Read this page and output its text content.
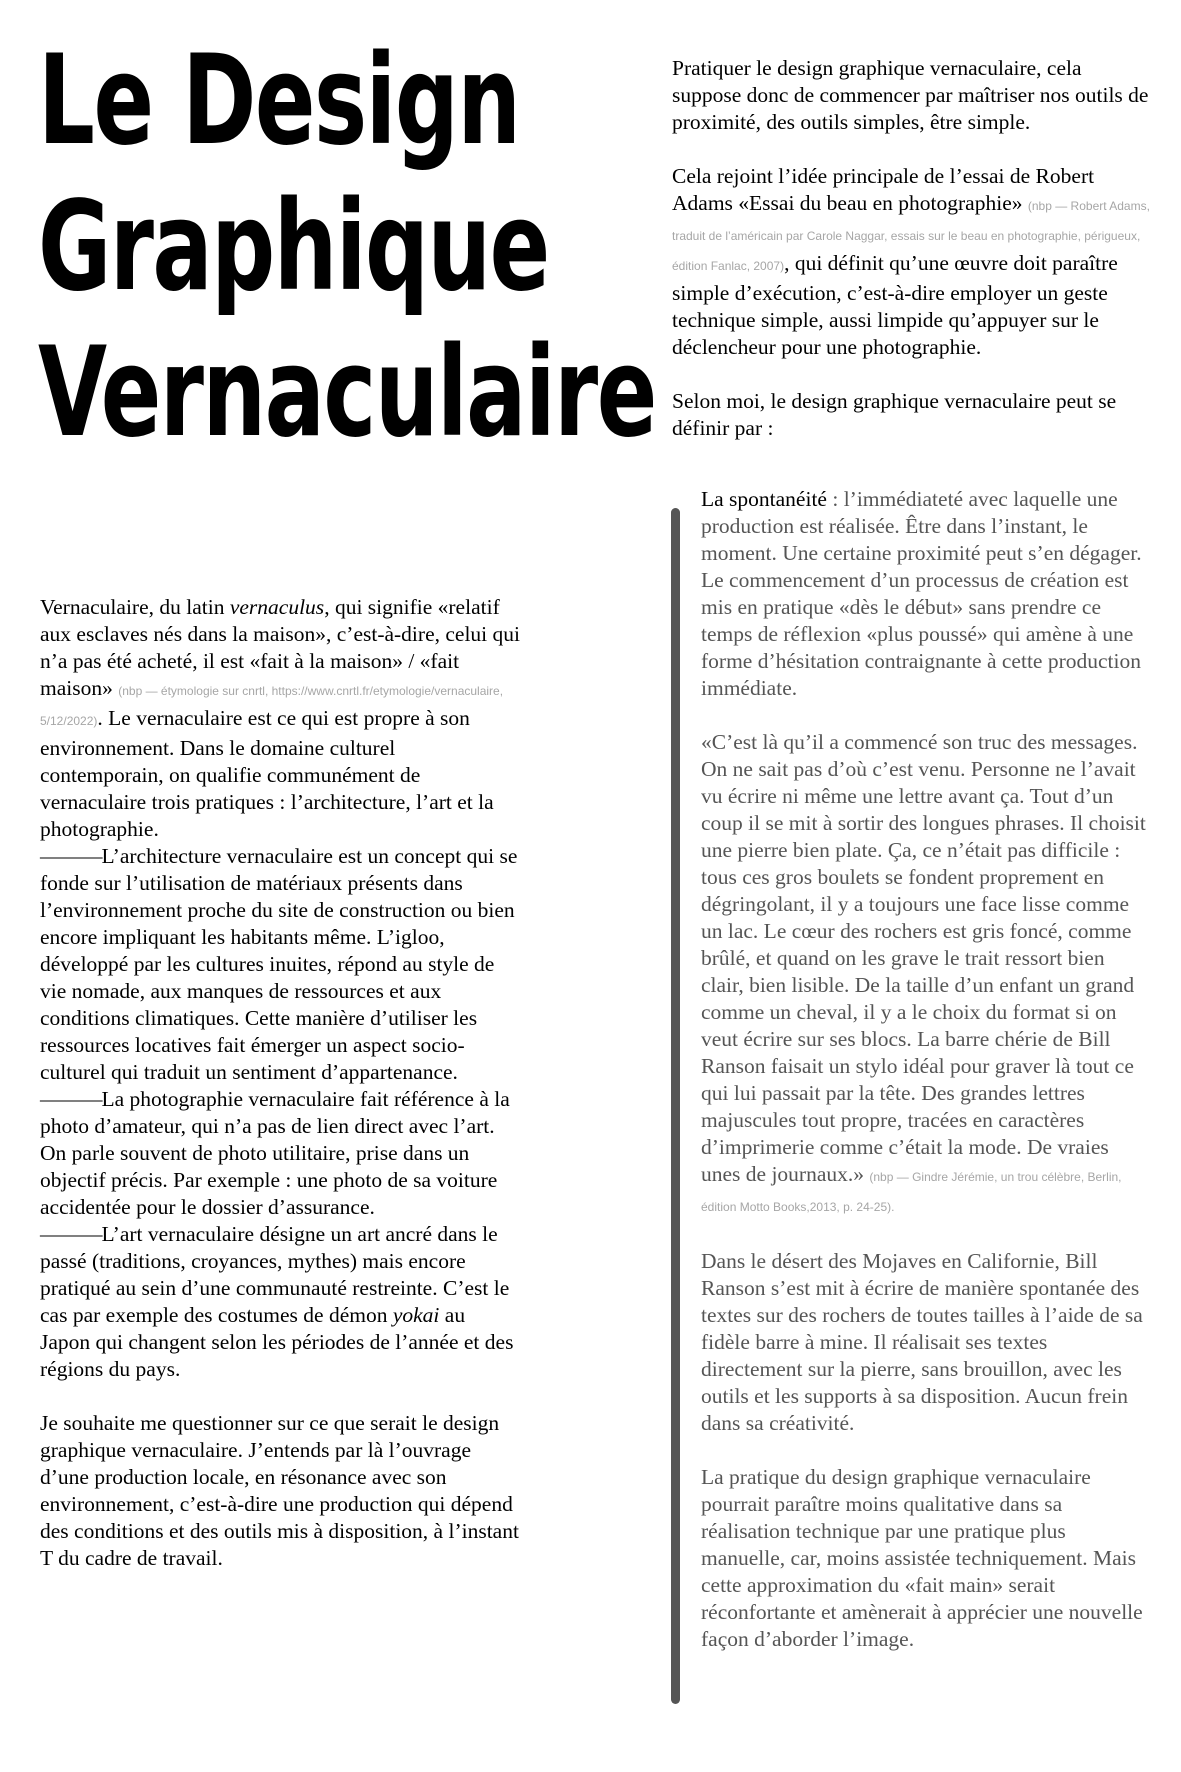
Le Design
Graphique
Vernaculaire

Vernaculaire, du latin vernaculus, qui signifie «relatif aux esclaves nés dans la maison», c’est-à-dire, celui qui n’a pas été acheté, il est «fait à la maison» / «fait maison» (nbp — étymologie sur cnrtl, https://www.cnrtl.fr/etymologie/vernaculaire, 5/12/2022). Le vernaculaire est ce qui est propre à son environnement. Dans le domaine culturel contemporain, on qualifie communément de vernaculaire trois pratiques : l’architecture, l’art et la photographie.

———L’architecture vernaculaire est un concept qui se fonde sur l’utilisation de matériaux présents dans l’environnement proche du site de construction ou bien encore impliquant les habitants même. L’igloo, développé par les cultures inuites, répond au style de vie nomade, aux manques de ressources et aux conditions climatiques. Cette manière d’utiliser les ressources locatives fait émerger un aspect socio-culturel qui traduit un sentiment d’appartenance.

———La photographie vernaculaire fait référence à la photo d’amateur, qui n’a pas de lien direct avec l’art. On parle souvent de photo utilitaire, prise dans un objectif précis. Par exemple : une photo de sa voiture accidentée pour le dossier d’assurance.

———L’art vernaculaire désigne un art ancré dans le passé (traditions, croyances, mythes) mais encore pratiqué au sein d’une communauté restreinte. C’est le cas par exemple des costumes de démon yokai au Japon qui changent selon les périodes de l’année et des régions du pays.

Je souhaite me questionner sur ce que serait le design graphique vernaculaire. J’entends par là l’ouvrage d’une production locale, en résonance avec son environnement, c’est-à-dire une production qui dépend des conditions et des outils mis à disposition, à l’instant T du cadre de travail.

Pratiquer le design graphique vernaculaire, cela suppose donc de commencer par maîtriser nos outils de proximité, des outils simples, être simple.

Cela rejoint l’idée principale de l’essai de Robert Adams «Essai du beau en photographie» (nbp — Robert Adams, traduit de l’américain par Carole Naggar, essais sur le beau en photographie, périgueux, édition Fanlac, 2007), qui définit qu’une œuvre doit paraître simple d’exécution, c’est-à-dire employer un geste technique simple, aussi limpide qu’appuyer sur le déclencheur pour une photographie.

Selon moi, le design graphique vernaculaire peut se définir par :

La spontanéité : l’immédiateté avec laquelle une production est réalisée. Être dans l’instant, le moment. Une certaine proximité peut s’en dégager. Le commencement d’un processus de création est mis en pratique «dès le début» sans prendre ce temps de réflexion «plus poussé» qui amène à une forme d’hésitation contraignante à cette production immédiate.

«C’est là qu’il a commencé son truc des messages. On ne sait pas d’où c’est venu. Personne ne l’avait vu écrire ni même une lettre avant ça. Tout d’un coup il se mit à sortir des longues phrases. Il choisit une pierre bien plate. Ça, ce n’était pas difficile : tous ces gros boulets se fondent proprement en dégringolant, il y a toujours une face lisse comme un lac. Le cœur des rochers est gris foncé, comme brûlé, et quand on les grave le trait ressort bien clair, bien lisible. De la taille d’un enfant un grand comme un cheval, il y a le choix du format si on veut écrire sur ses blocs. La barre chérie de Bill Ranson faisait un stylo idéal pour graver là tout ce qui lui passait par la tête. Des grandes lettres majuscules tout propre, tracées en caractères d’imprimerie comme c’était la mode. De vraies unes de journaux.» (nbp — Gindre Jérémie, un trou célèbre, Berlin, édition Motto Books,2013, p. 24-25).

Dans le désert des Mojaves en Californie, Bill Ranson s’est mit à écrire de manière spontanée des textes sur des rochers de toutes tailles à l’aide de sa fidèle barre à mine. Il réalisait ses textes directement sur la pierre, sans brouillon, avec les outils et les supports à sa disposition. Aucun frein dans sa créativité.

La pratique du design graphique vernaculaire pourrait paraître moins qualitative dans sa réalisation technique par une pratique plus manuelle, car, moins assistée techniquement. Mais cette approximation du «fait main» serait réconfortante et amènerait à apprécier une nouvelle façon d’aborder l’image.
